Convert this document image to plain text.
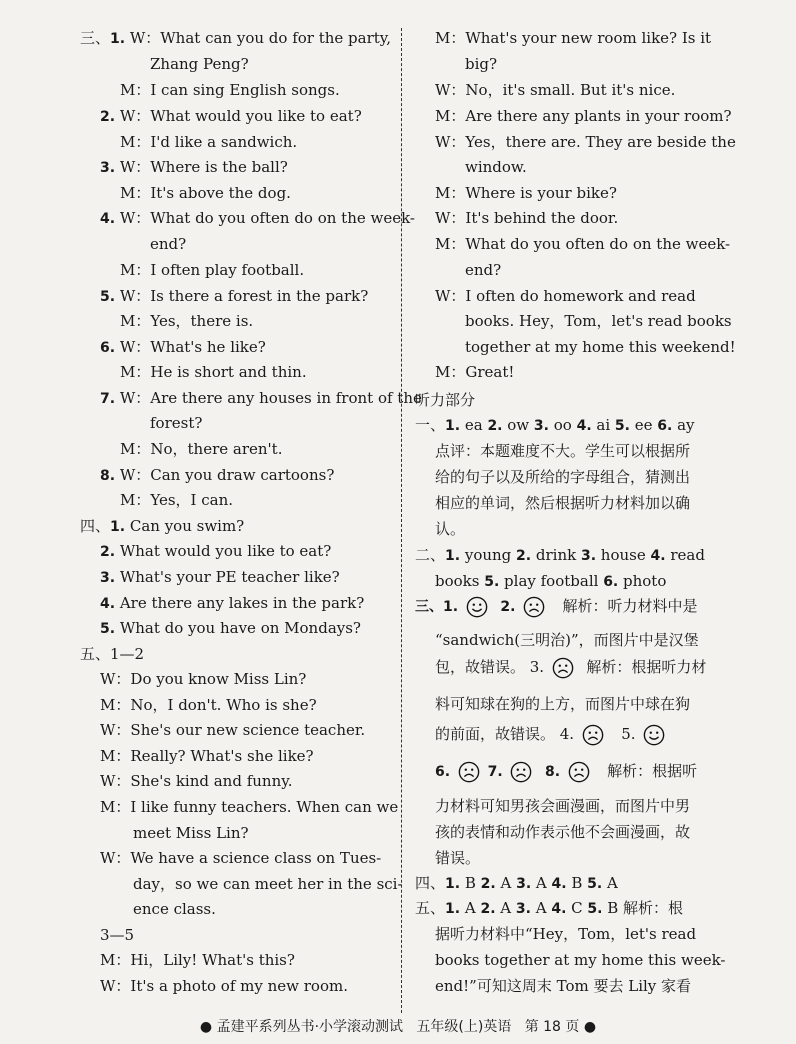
三、1. W：What can you do for the party,
Zhang Peng?
M：I can sing English songs.
2. W：What would you like to eat?
M：I'd like a sandwich.
3. W：Where is the ball?
M：It's above the dog.
4. W：What do you often do on the week-
end?
M：I often play football.
5. W：Is there a forest in the park?
M：Yes，there is.
6. W：What's he like?
M：He is short and thin.
7. W：Are there any houses in front of the
forest?
M：No，there aren't.
8. W：Can you draw cartoons?
M：Yes，I can.
四、1. Can you swim?
2. What would you like to eat?
3. What's your PE teacher like?
4. Are there any lakes in the park?
5. What do you have on Mondays?
五、1—2
W：Do you know Miss Lin?
M：No，I don't. Who is she?
W：She's our new science teacher.
M：Really? What's she like?
W：She's kind and funny.
M：I like funny teachers. When can we
meet Miss Lin?
W：We have a science class on Tues-
day，so we can meet her in the sci-
ence class.
3—5
M：Hi，Lily! What's this?
W：It's a photo of my new room.
三、1.	2.	解析：听力材料中是
“sandwich(三明治)”，而图片中是汉堡
包，故错误。 3.	解析：根据听力材
料可知球在狗的上方，而图片中球在狗
的前面，故错误。 4.	5.
6.	7.	8.	解析：根据听
力材料可知男孩会画漫画，而图片中男
孩的表情和动作表示他不会画漫画，故
错误。
M：What's your new room like? Is it
big?
W：No，it's small. But it's nice.
M：Are there any plants in your room?
W：Yes，there are. They are beside the
window.
M：Where is your bike?
W：It's behind the door.
M：What do you often do on the week-
end?
W：I often do homework and read
books. Hey，Tom，let's read books
together at my home this weekend!
M：Great!
听力部分
一、1. ea 2. ow 3. oo 4. ai 5. ee 6. ay
点评：本题难度不大。学生可以根据所
给的句子以及所给的字母组合，猜测出
相应的单词，然后根据听力材料加以确
认。
二、1. young 2. drink 3. house 4. read
books 5. play football 6. photo
四、1. B 2. A 3. A 4. B 5. A
五、1. A 2. A 3. A 4. C 5. B 解析：根
据听力材料中“Hey，Tom，let's read
books together at my home this week-
end!”可知这周末 Tom 要去 Lily 家看
● 孟建平系列丛书·小学滚动测试 五年级(上)英语 第 18 页 ●
